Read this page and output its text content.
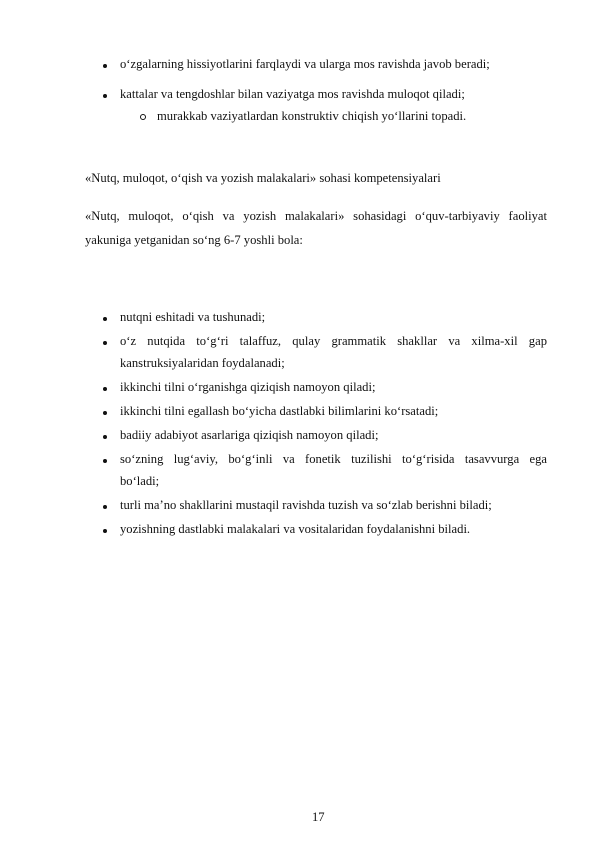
o‘zgalarning hissiyotlarini farqlaydi va ularga mos ravishda javob beradi;
kattalar va tengdoshlar bilan vaziyatga mos ravishda muloqot qiladi;
murakkab vaziyatlardan konstruktiv chiqish yo‘llarini topadi.
«Nutq, muloqot, o‘qish va yozish malakalari» sohasi kompetensiyalari
«Nutq, muloqot, o‘qish va yozish malakalari» sohasidagi o‘quv-tarbiyaviy faoliyat
yakuniga yetganidan so‘ng 6-7 yoshli bola:
nutqni eshitadi va tushunadi;
o‘z nutqida to‘g‘ri talaffuz, qulay grammatik shakllar va xilma-xil gap
kanstruksiyalaridan foydalanadi;
ikkinchi tilni o‘rganishga qiziqish namoyon qiladi;
ikkinchi tilni egallash bo‘yicha dastlabki bilimlarini ko‘rsatadi;
badiiy adabiyot asarlariga qiziqish namoyon qiladi;
so‘zning lug‘aviy, bo‘g‘inli va fonetik tuzilishi to‘g‘risida tasavvurga ega
bo‘ladi;
turli ma’no shakllarini mustaqil ravishda tuzish va so‘zlab berishni biladi;
yozishning dastlabki malakalari va vositalaridan foydalanishni biladi.
17
